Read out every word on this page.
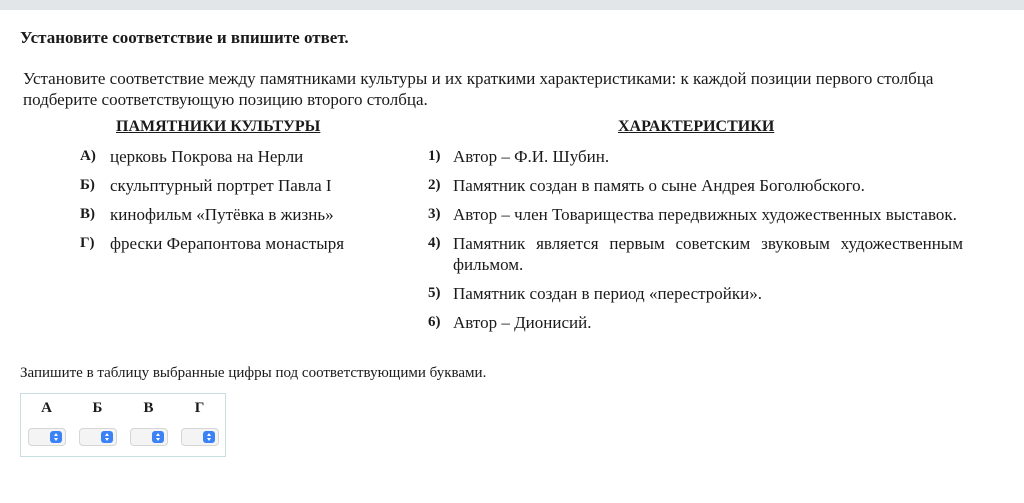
Установите соответствие и впишите ответ.
Установите соответствие между памятниками культуры и их краткими характеристиками: к каждой позиции первого столбца подберите соответствующую позицию второго столбца.
ПАМЯТНИКИ КУЛЬТУРЫ	ХАРАКТЕРИСТИКИ
А) церковь Покрова на Нерли
Б) скульптурный портрет Павла I
В) кинофильм «Путёвка в жизнь»
Г) фрески Ферапонтова монастыря
1) Автор – Ф.И. Шубин.
2) Памятник создан в память о сыне Андрея Боголюбского.
3) Автор – член Товарищества передвижных художественных выставок.
4) Памятник является первым советским звуковым художественным фильмом.
5) Памятник создан в период «перестройки».
6) Автор – Дионисий.
Запишите в таблицу выбранные цифры под соответствующими буквами.
А	Б	В	Г
